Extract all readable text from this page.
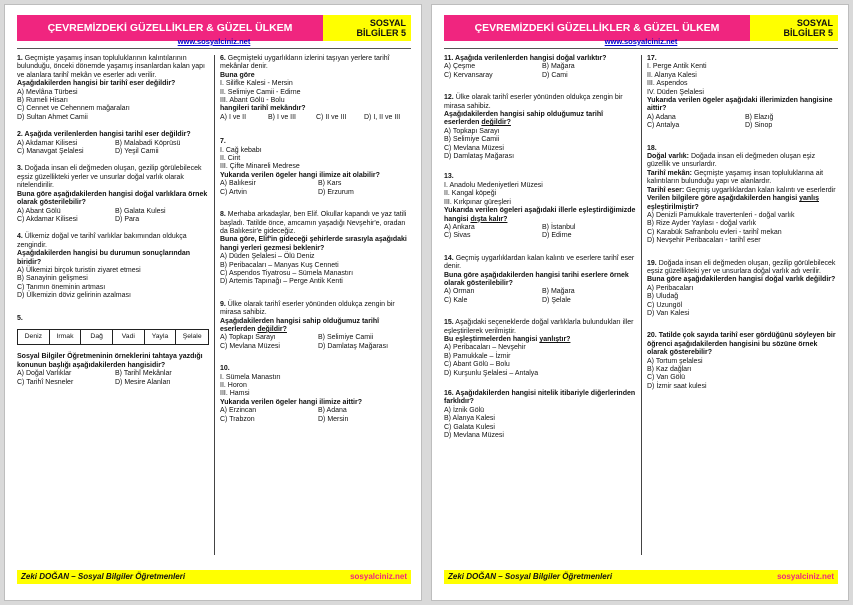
ÇEVREMİZDEKİ GÜZELLİKLER & GÜZEL ÜLKEM	SOSYAL
BİLGİLER 5
www.sosyalciniz.net
1. Geçmişte yaşamış insan topluluklarının kalıntılarının bulunduğu, önceki dönemde yaşamış insanlardan kalan yapı ve alanlara tarihî mekân ve eserler adı verilir.
Aşağıdakilerden hangisi bir tarihî eser değildir?
A) Mevlâna Türbesi
B) Rumeli Hisarı
C) Cennet ve Cehennem mağaraları
D) Sultan Ahmet Camii
2. Aşağıda verilenlerden hangisi tarihî eser değildir?
A) Akdamar Kilisesi	B) Malabadi Köprüsü
C) Manavgat Şelalesi	D) Yeşil Camii
3. Doğada insan eli değmeden oluşan, gezilip görülebilecek eşsiz güzellikteki yerler ve unsurlar doğal varlık olarak nitelendirilir.
Buna göre aşağıdakilerden hangisi doğal varlıklara örnek olarak gösterilebilir?
A) Abant Gölü	B) Galata Kulesi
C) Akdamar Kilisesi	D) Para
4. Ülkemiz doğal ve tarihî varlıklar bakımından oldukça zengindir.
Aşağıdakilerden hangisi bu durumun sonuçlarından biridir?
A) Ülkemizi birçok turistin ziyaret etmesi
B) Sanayinin gelişmesi
C) Tarımın öneminin artması
D) Ülkemizin döviz gelirinin azalması
5.
Deniz	Irmak	Dağ	Vadi	Yayla	Şelale
Sosyal Bilgiler Öğretmeninin örneklerini tahtaya yazdığı konunun başlığı aşağıdakilerden hangisidir?
A) Doğal Varlıklar	B) Tarihî Mekânlar
C) Tarihî Nesneler	D) Mesire Alanları
6. Geçmişteki uygarlıkların izlerini taşıyan yerlere tarihî mekânlar denir.
Buna göre
I. Silifke Kalesi - Mersin
II. Selimiye Camii - Edirne
III. Abant Gölü - Bolu
hangileri tarihî mekândır?
A) I ve II	B) I ve III	C) II ve III	D) I, II ve III
7.
I. Cağ kebabı
II. Cirit
III. Çifte Minareli Medrese
Yukarıda verilen ögeler hangi ilimize ait olabilir?
A) Balıkesir	B) Kars
C) Artvin	D) Erzurum
8. Merhaba arkadaşlar, ben Elif. Okullar kapandı ve yaz tatili başladı. Tatilde önce, amcamın yaşadığı Nevşehir'e, oradan da Balıkesir'e gideceğiz.
Buna göre, Elif'in gideceği şehirlerde sırasıyla aşağıdaki hangi yerleri gezmesi beklenir?
A) Düden Şelalesi – Ölü Deniz
B) Peribacaları – Manyas Kuş Cenneti
C) Aspendos Tiyatrosu – Sümela Manastırı
D) Artemis Tapınağı – Perge Antik Kenti
9. Ülke olarak tarihî eserler yönünden oldukça zengin bir mirasa sahibiz.
Aşağıdakilerden hangisi sahip olduğumuz tarihî eserlerden değildir?
A) Topkapı Sarayı	B) Selimiye Camii
C) Mevlana Müzesi	D) Damlataş Mağarası
10.
I. Sümela Manastırı
II. Horon
III. Hamsi
Yukarıda verilen ögeler hangi ilimize aittir?
A) Erzincan	B) Adana
C) Trabzon	D) Mersin
Zeki DOĞAN – Sosyal Bilgiler Öğretmenleri	sosyalciniz.net
ÇEVREMİZDEKİ GÜZELLİKLER & GÜZEL ÜLKEM	SOSYAL
BİLGİLER 5
www.sosyalciniz.net
11. Aşağıda verilenlerden hangisi doğal varlıktır?
A) Çeşme	B) Mağara
C) Kervansaray	D) Cami
12. Ülke olarak tarihî eserler yönünden oldukça zengin bir mirasa sahibiz.
Aşağıdakilerden hangisi sahip olduğumuz tarihî eserlerden değildir?
A) Topkapı Sarayı
B) Selimiye Camii
C) Mevlana Müzesi
D) Damlataş Mağarası
13.
I. Anadolu Medeniyetleri Müzesi
II. Kangal köpeği
III. Kırkpınar güreşleri
Yukarıda verilen ögeleri aşağıdaki illerle eşleştirdiğimizde hangisi dışta kalır?
A) Ankara	B) İstanbul
C) Sivas	D) Edirne
14. Geçmiş uygarlıklardan kalan kalıntı ve eserlere tarihî eser denir.
Buna göre aşağıdakilerden hangisi tarihi eserlere örnek olarak gösterilebilir?
A) Orman	B) Mağara
C) Kale	D) Şelale
15. Aşağıdaki seçeneklerde doğal varlıklarla bulundukları iller eşleştirilerek verilmiştir.
Bu eşleştirmelerden hangisi yanlıştır?
A) Peribacaları – Nevşehir
B) Pamukkale – İzmir
C) Abant Gölü – Bolu
D) Kurşunlu Şelalesi – Antalya
16. Aşağıdakilerden hangisi nitelik itibariyle diğerlerinden farklıdır?
A) İznik Gölü
B) Alanya Kalesi
C) Galata Kulesi
D) Mevlana Müzesi
17.
I. Perge Antik Kenti
II. Alanya Kalesi
III. Aspendos
IV. Düden Şelalesi
Yukarıda verilen ögeler aşağıdaki illerimizden hangisine aittir?
A) Adana	B) Elazığ
C) Antalya	D) Sinop
18.
Doğal varlık: Doğada insan eli değmeden oluşan eşiz güzellik ve unsurlardır.
Tarihî mekân: Geçmişte yaşamış insan topluluklarına ait kalıntıların bulunduğu yapı ve alanlardır.
Tarihî eser: Geçmiş uygarlıklardan kalan kalıntı ve eserlerdir
Verilen bilgilere göre aşağıdakilerden hangisi yanlış eşleştirilmiştir?
A) Denizli Pamukkale travertenleri - doğal varlık
B) Rize Ayder Yaylası - doğal varlık
C) Karabük Safranbolu evleri - tarihî mekan
D) Nevşehir Peribacaları - tarihî eser
19. Doğada insan eli değmeden oluşan, gezilip görülebilecek eşsiz güzellikteki yer ve unsurlara doğal varlık adı verilir.
Buna göre aşağıdakilerden hangisi doğal varlık değildir?
A) Peribacaları
B) Uludağ
C) Uzungöl
D) Van Kalesi
20. Tatilde çok sayıda tarihî eser gördüğünü söyleyen bir öğrenci aşağıdakilerden hangisini bu sözüne örnek olarak gösterebilir?
A) Tortum şelalesi
B) Kaz dağları
C) Van Gölü
D) İzmir saat kulesi
Zeki DOĞAN – Sosyal Bilgiler Öğretmenleri	sosyalciniz.net
